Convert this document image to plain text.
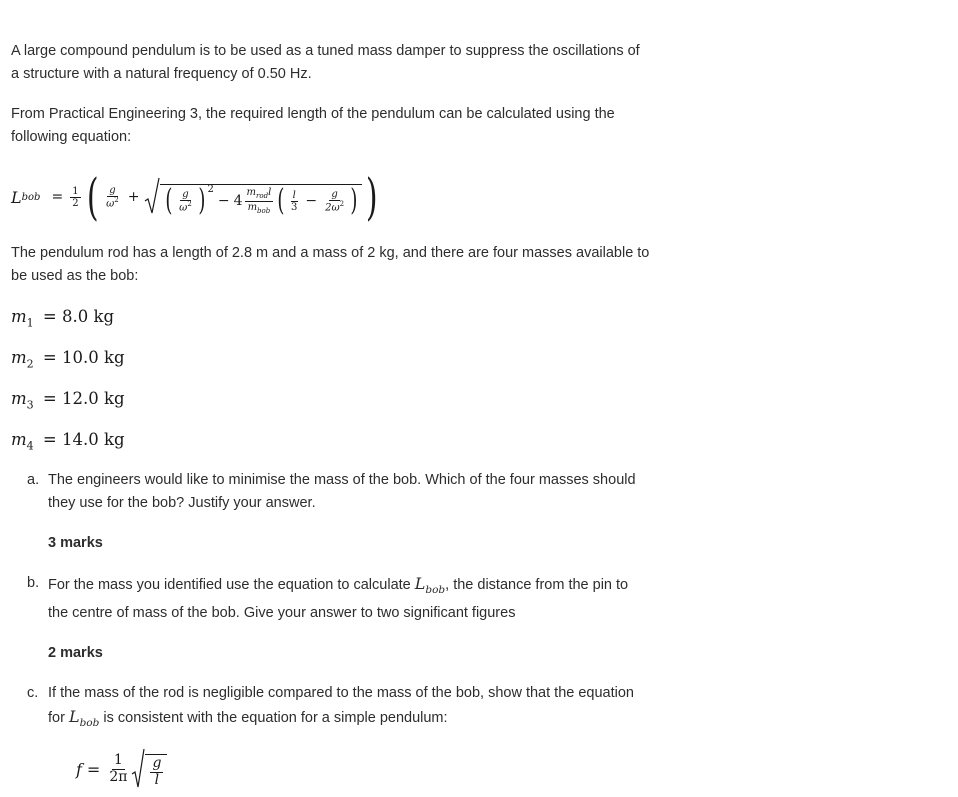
A large compound pendulum is to be used as a tuned mass damper to suppress the oscillations of a structure with a natural frequency of 0.50 Hz.

From Practical Engineering 3, the required length of the pendulum can be calculated using the following equation:

L bob = $\frac{1}{2}$ ( $\frac{g}{\omega^2}$ + ( $\frac{g}{\omega^2} )^2$
− $4 \frac{m_{rod}l}{m_{bob}}$ ( $\frac{l}{3} - \frac{g}{2\omega^2}$ ) )

The pendulum rod has a length of 2.8 m and a mass of 2 kg, and there are four masses available to be used as the bob:

$m_1 = 8.0$ kg
$m_2 = 10.0$ kg
$m_3 = 12.0$ kg
$m_4 = 14.0$ kg
a. The engineers would like to minimise the mass of the bob. Which of the four masses should they use for the bob? Justify your answer.

3 marks

b. For the mass you identified use the equation to calculate $L_{bob}$, the distance from the pin to the centre of mass of the bob. Give your answer to two significant figures

2 marks

c. If the mass of the rod is negligible compared to the mass of the bob, show that the equation for $L_{bob}$ is consistent with the equation for a simple pendulum:

$f = \frac{1}{2\pi} \frac{g}{l}$
